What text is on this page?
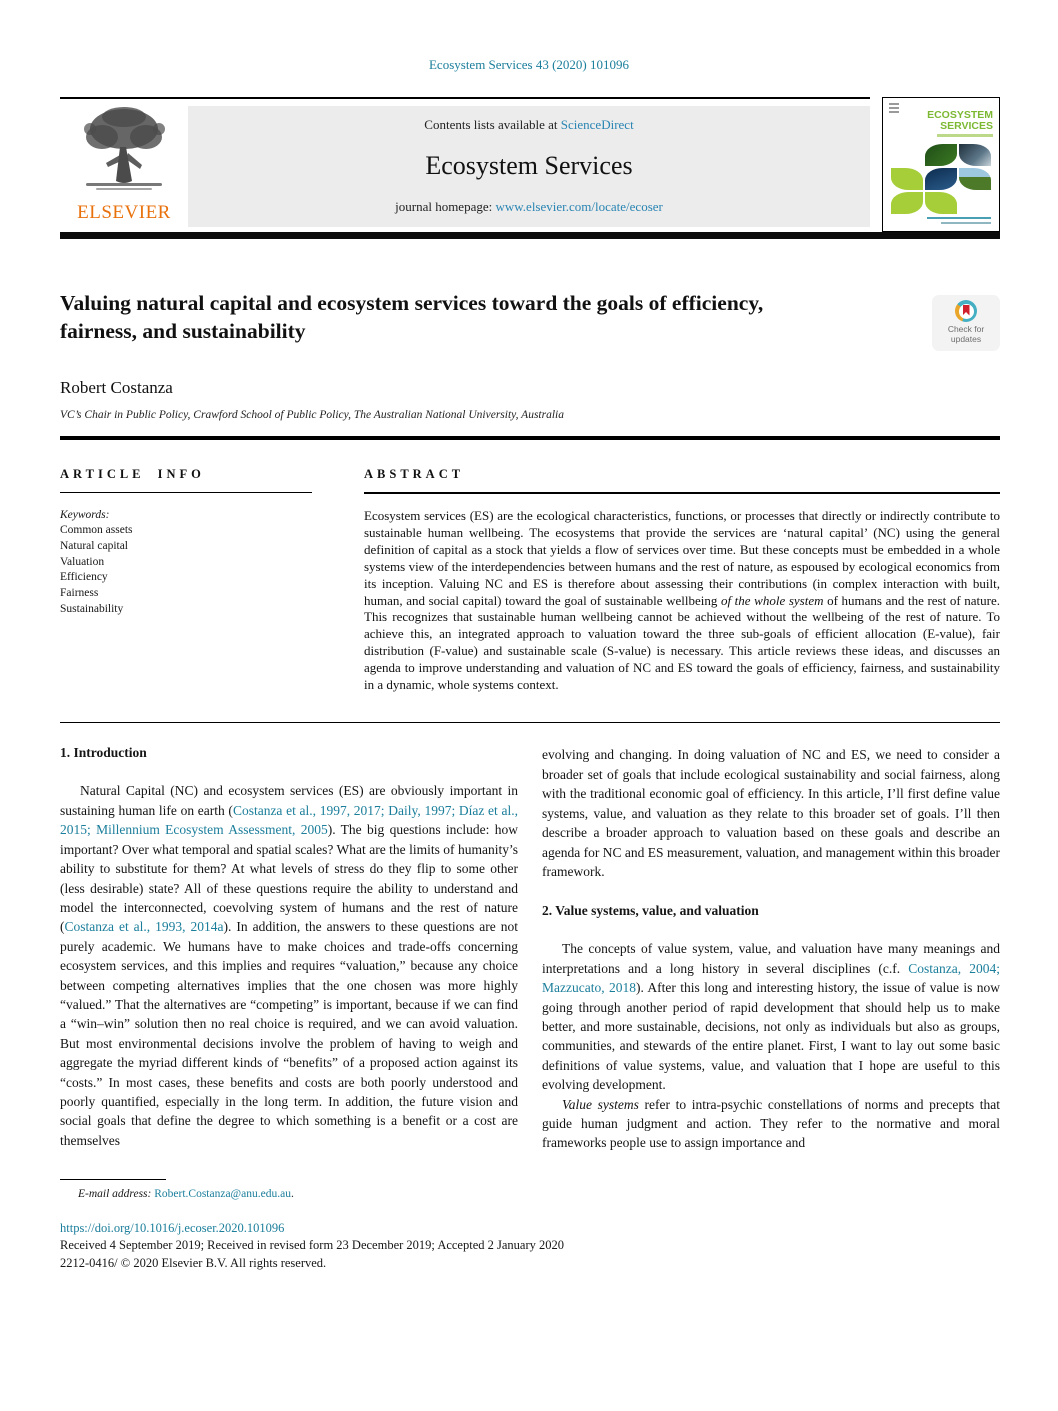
Ecosystem Services 43 (2020) 101096
ELSEVIER
Contents lists available at ScienceDirect
Ecosystem Services
journal homepage: www.elsevier.com/locate/ecoser
ECOSYSTEM
SERVICES
Valuing natural capital and ecosystem services toward the goals of efficiency, fairness, and sustainability	Check for
updates
Robert Costanza
VC’s Chair in Public Policy, Crawford School of Public Policy, The Australian National University, Australia
ARTICLE INFO
Keywords:
Common assets
Natural capital
Valuation
Efficiency
Fairness
Sustainability
ABSTRACT
Ecosystem services (ES) are the ecological characteristics, functions, or processes that directly or indirectly contribute to sustainable human wellbeing. The ecosystems that provide the services are ‘natural capital’ (NC) using the general definition of capital as a stock that yields a flow of services over time. But these concepts must be embedded in a whole systems view of the interdependencies between humans and the rest of nature, as espoused by ecological economics from its inception. Valuing NC and ES is therefore about assessing their contributions (in complex interaction with built, human, and social capital) toward the goal of sustainable wellbeing of the whole system of humans and the rest of nature. This recognizes that sustainable human wellbeing cannot be achieved without the wellbeing of the rest of nature. To achieve this, an integrated approach to valuation toward the three sub-goals of efficient allocation (E-value), fair distribution (F-value) and sustainable scale (S-value) is necessary. This article reviews these ideas, and discusses an agenda to improve understanding and valuation of NC and ES toward the goals of efficiency, fairness, and sustainability in a dynamic, whole systems context.
1. Introduction

Natural Capital (NC) and ecosystem services (ES) are obviously important in sustaining human life on earth (Costanza et al., 1997, 2017; Daily, 1997; Díaz et al., 2015; Millennium Ecosystem Assessment, 2005). The big questions include: how important? Over what temporal and spatial scales? What are the limits of humanity’s ability to substitute for them? At what levels of stress do they flip to some other (less desirable) state? All of these questions require the ability to understand and model the interconnected, coevolving system of humans and the rest of nature (Costanza et al., 1993, 2014a). In addition, the answers to these questions are not purely academic. We humans have to make choices and trade-offs concerning ecosystem services, and this implies and requires “valuation,” because any choice between competing alternatives implies that the one chosen was more highly “valued.” That the alternatives are “competing” is important, because if we can find a “win–win” solution then no real choice is required, and we can avoid valuation. But most environmental decisions involve the problem of having to weigh and aggregate the myriad different kinds of “benefits” of a proposed action against its “costs.” In most cases, these benefits and costs are both poorly understood and poorly quantified, especially in the long term. In addition, the future vision and social goals that define the degree to which something is a benefit or a cost are themselves

evolving and changing. In doing valuation of NC and ES, we need to consider a broader set of goals that include ecological sustainability and social fairness, along with the traditional economic goal of efficiency. In this article, I’ll first define value systems, value, and valuation as they relate to this broader set of goals. I’ll then describe a broader approach to valuation based on these goals and describe an agenda for NC and ES measurement, valuation, and management within this broader framework.

2. Value systems, value, and valuation

The concepts of value system, value, and valuation have many meanings and interpretations and a long history in several disciplines (c.f. Costanza, 2004; Mazzucato, 2018). After this long and interesting history, the issue of value is now going through another period of rapid development that should help us to make better, and more sustainable, decisions, not only as individuals but also as groups, communities, and stewards of the entire planet. First, I want to lay out some basic definitions of value systems, value, and valuation that I hope are useful to this evolving development.

Value systems refer to intra-psychic constellations of norms and precepts that guide human judgment and action. They refer to the normative and moral frameworks people use to assign importance and

E-mail address: Robert.Costanza@anu.edu.au.
https://doi.org/10.1016/j.ecoser.2020.101096
Received 4 September 2019; Received in revised form 23 December 2019; Accepted 2 January 2020
2212-0416/ © 2020 Elsevier B.V. All rights reserved.
